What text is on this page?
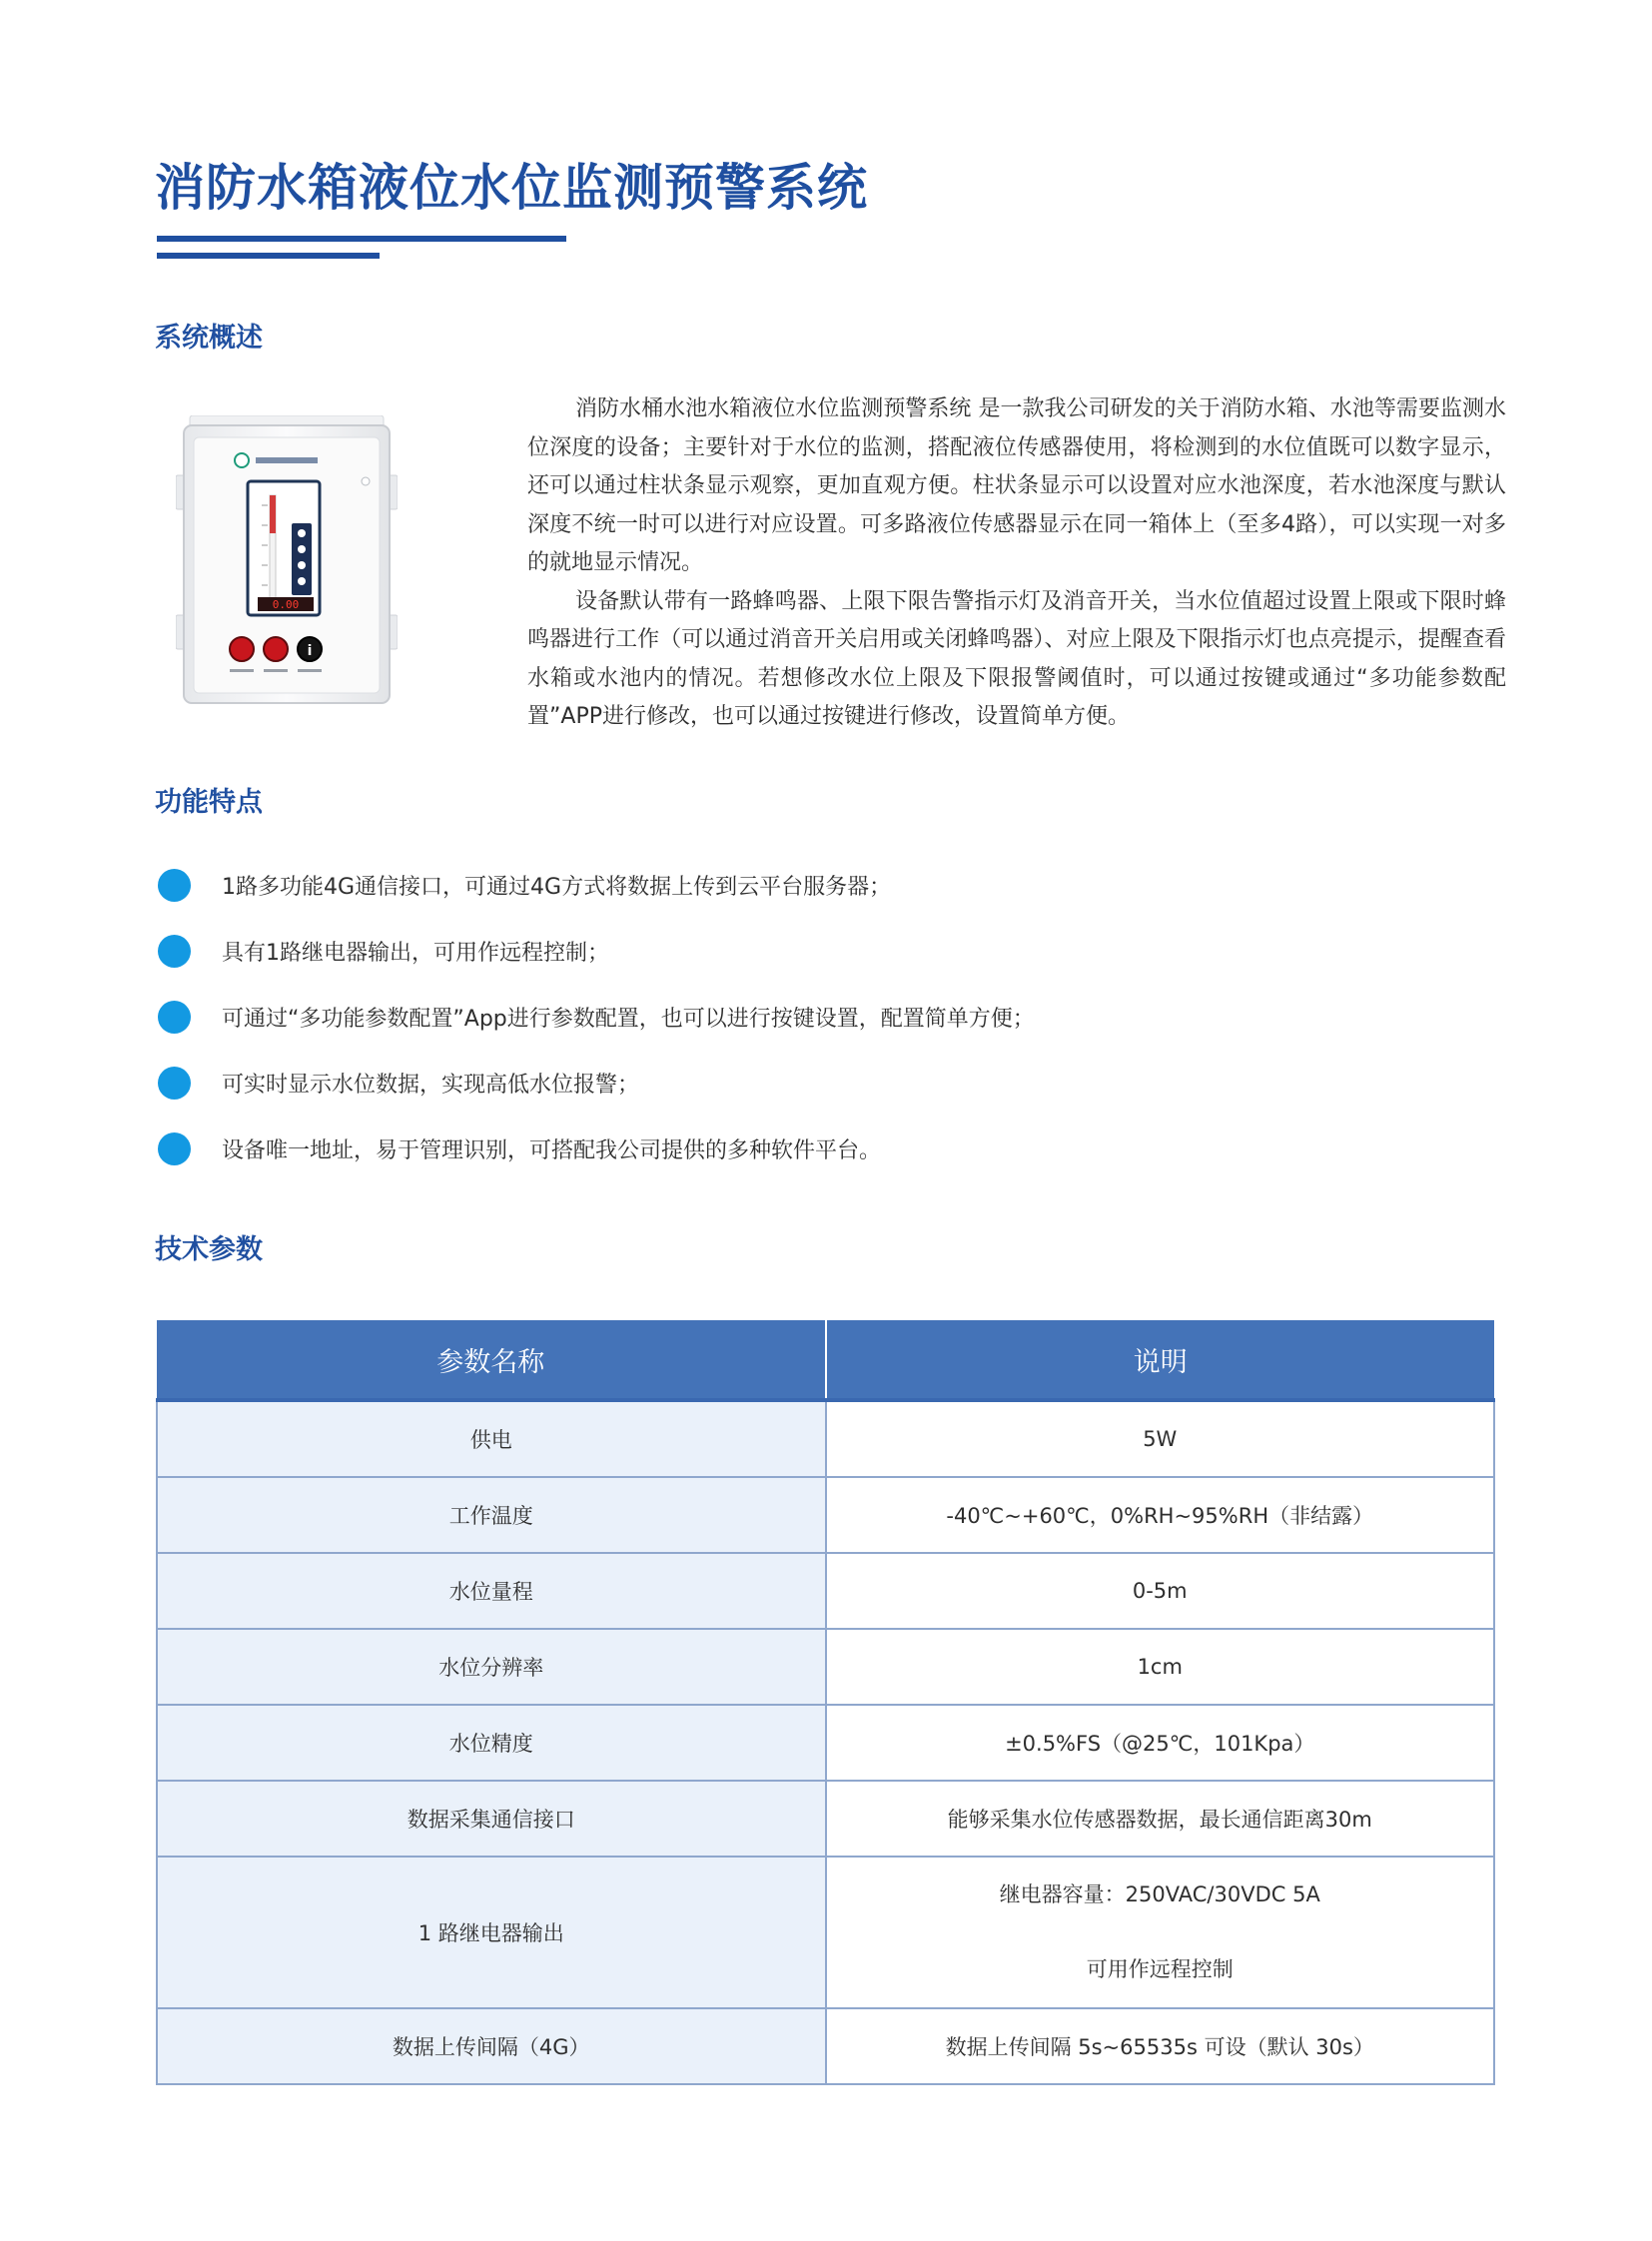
消防水箱液位水位监测预警系统
系统概述
0.00
i

消防水桶水池水箱液位水位监测预警系统 是一款我公司研发的关于消防水箱、水池等需要监测水位深度的设备；主要针对于水位的监测，搭配液位传感器使用，将检测到的水位值既可以数字显示，还可以通过柱状条显示观察，更加直观方便。柱状条显示可以设置对应水池深度，若水池深度与默认深度不统一时可以进行对应设置。可多路液位传感器显示在同一箱体上（至多4路），可以实现一对多的就地显示情况。

设备默认带有一路蜂鸣器、上限下限告警指示灯及消音开关，当水位值超过设置上限或下限时蜂鸣器进行工作（可以通过消音开关启用或关闭蜂鸣器）、对应上限及下限指示灯也点亮提示，提醒查看水箱或水池内的情况。若想修改水位上限及下限报警阈值时，可以通过按键或通过“多功能参数配置”APP进行修改，也可以通过按键进行修改，设置简单方便。

功能特点
1路多功能4G通信接口，可通过4G方式将数据上传到云平台服务器；
具有1路继电器输出，可用作远程控制；
可通过“多功能参数配置”App进行参数配置，也可以进行按键设置，配置简单方便；
可实时显示水位数据，实现高低水位报警；
设备唯一地址，易于管理识别，可搭配我公司提供的多种软件平台。
技术参数
参数名称	说明
供电	5W
工作温度	-40℃~+60℃，0%RH~95%RH（非结露）
水位量程	0-5m
水位分辨率	1cm
水位精度	±0.5%FS（@25℃，101Kpa）
数据采集通信接口	能够采集水位传感器数据，最长通信距离30m
1 路继电器输出	继电器容量：250VAC/30VDC 5A
可用作远程控制

数据上传间隔（4G）	数据上传间隔 5s~65535s 可设（默认 30s）
